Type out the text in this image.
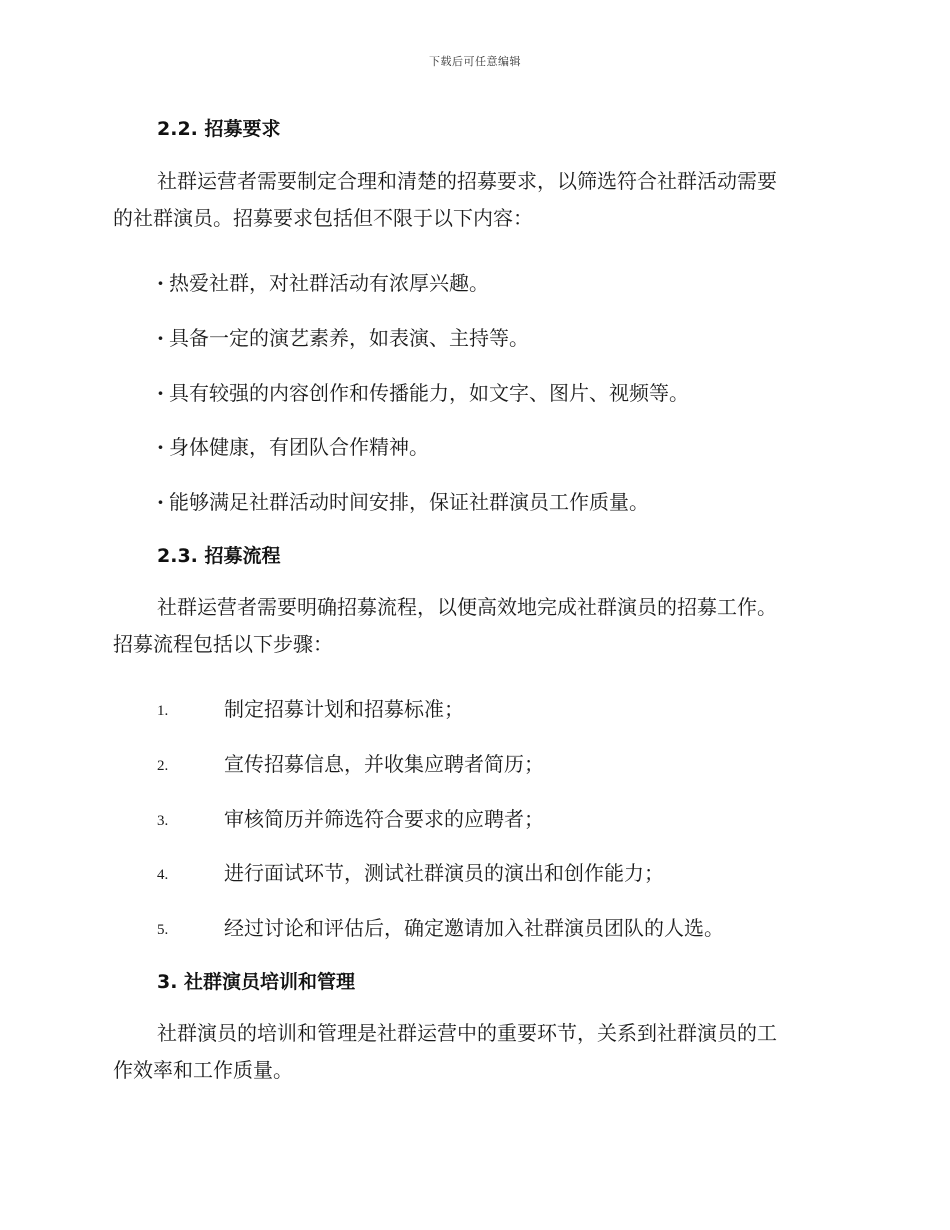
下载后可任意编辑
2.2. 招募要求
社群运营者需要制定合理和清楚的招募要求，以筛选符合社群活动需要
的社群演员。招募要求包括但不限于以下内容：
· 热爱社群，对社群活动有浓厚兴趣。
· 具备一定的演艺素养，如表演、主持等。
· 具有较强的内容创作和传播能力，如文字、图片、视频等。
· 身体健康，有团队合作精神。
· 能够满足社群活动时间安排，保证社群演员工作质量。
2.3. 招募流程
社群运营者需要明确招募流程，以便高效地完成社群演员的招募工作。
招募流程包括以下步骤：
1.	制定招募计划和招募标准；
2.	宣传招募信息，并收集应聘者简历；
3.	审核简历并筛选符合要求的应聘者；
4.	进行面试环节，测试社群演员的演出和创作能力；
5.	经过讨论和评估后，确定邀请加入社群演员团队的人选。
3. 社群演员培训和管理
社群演员的培训和管理是社群运营中的重要环节，关系到社群演员的工
作效率和工作质量。
